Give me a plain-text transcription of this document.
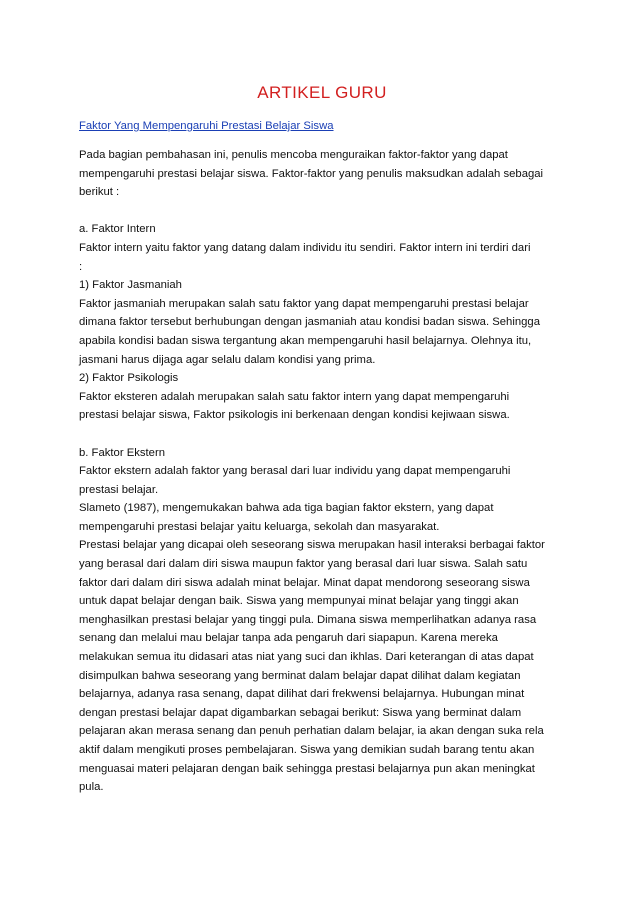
ARTIKEL GURU
Faktor Yang Mempengaruhi Prestasi Belajar Siswa
Pada bagian pembahasan ini, penulis mencoba menguraikan faktor-faktor yang dapat
mempengaruhi prestasi belajar siswa. Faktor-faktor yang penulis maksudkan adalah sebagai
berikut :
a. Faktor Intern
Faktor intern yaitu faktor yang datang dalam individu itu sendiri. Faktor intern ini terdiri dari
:
1) Faktor Jasmaniah
Faktor jasmaniah merupakan salah satu faktor yang dapat mempengaruhi prestasi belajar
dimana faktor tersebut berhubungan dengan jasmaniah atau kondisi badan siswa. Sehingga
apabila kondisi badan siswa tergantung akan mempengaruhi hasil belajarnya. Olehnya itu,
jasmani harus dijaga agar selalu dalam kondisi yang prima.
2) Faktor Psikologis
Faktor eksteren adalah merupakan salah satu faktor intern yang dapat mempengaruhi
prestasi belajar siswa, Faktor psikologis ini berkenaan dengan kondisi kejiwaan siswa.
b. Faktor Ekstern
Faktor ekstern adalah faktor yang berasal dari luar individu yang dapat mempengaruhi
prestasi belajar.
Slameto (1987), mengemukakan bahwa ada tiga bagian faktor ekstern, yang dapat
mempengaruhi prestasi belajar yaitu keluarga, sekolah dan masyarakat.
Prestasi belajar yang dicapai oleh seseorang siswa merupakan hasil interaksi berbagai faktor
yang berasal dari dalam diri siswa maupun faktor yang berasal dari luar siswa. Salah satu
faktor dari dalam diri siswa adalah minat belajar. Minat dapat mendorong seseorang siswa
untuk dapat belajar dengan baik. Siswa yang mempunyai minat belajar yang tinggi akan
menghasilkan prestasi belajar yang tinggi pula. Dimana siswa memperlihatkan adanya rasa
senang dan melalui mau belajar tanpa ada pengaruh dari siapapun. Karena mereka
melakukan semua itu didasari atas niat yang suci dan ikhlas. Dari keterangan di atas dapat
disimpulkan bahwa seseorang yang berminat dalam belajar dapat dilihat dalam kegiatan
belajarnya, adanya rasa senang, dapat dilihat dari frekwensi belajarnya. Hubungan minat
dengan prestasi belajar dapat digambarkan sebagai berikut: Siswa yang berminat dalam
pelajaran akan merasa senang dan penuh perhatian dalam belajar, ia akan dengan suka rela
aktif dalam mengikuti proses pembelajaran. Siswa yang demikian sudah barang tentu akan
menguasai materi pelajaran dengan baik sehingga prestasi belajarnya pun akan meningkat
pula.
